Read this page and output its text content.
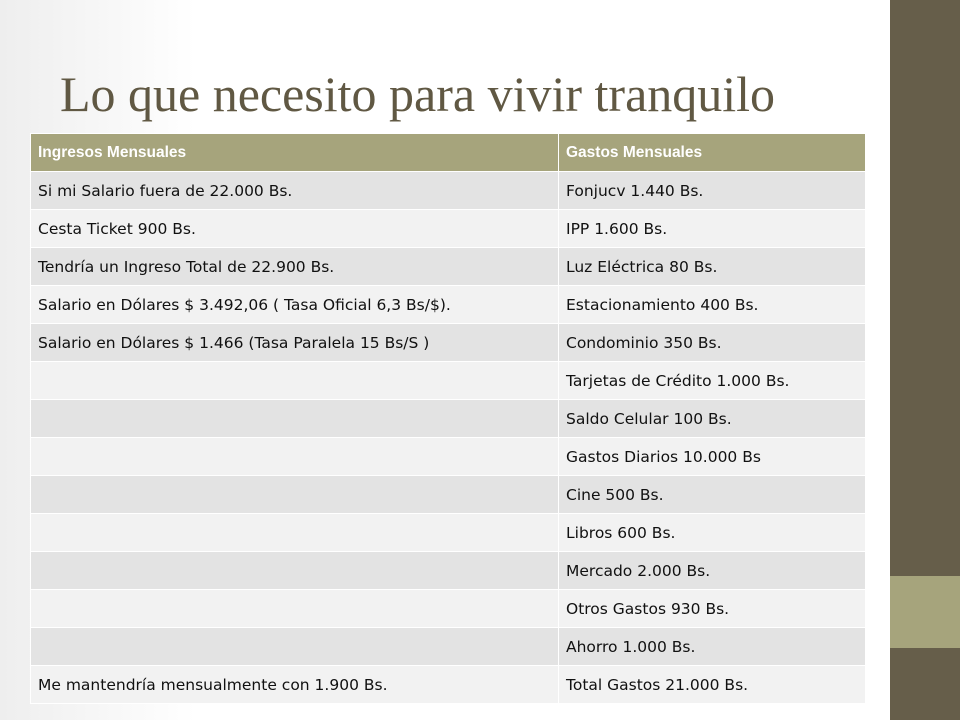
Lo que necesito para vivir tranquilo
Ingresos Mensuales	Gastos Mensuales
Si mi Salario fuera de 22.000 Bs.	Fonjucv 1.440 Bs.
Cesta Ticket 900 Bs.	IPP 1.600 Bs.
Tendría un Ingreso Total de 22.900 Bs.	Luz Eléctrica 80 Bs.
Salario en Dólares $ 3.492,06 ( Tasa Oficial 6,3 Bs/$).	Estacionamiento 400 Bs.
Salario en Dólares $ 1.466 (Tasa Paralela 15 Bs/S )	Condominio 350 Bs.
	Tarjetas de Crédito 1.000 Bs.
	Saldo Celular 100 Bs.
	Gastos Diarios 10.000 Bs
	Cine 500 Bs.
	Libros 600 Bs.
	Mercado 2.000 Bs.
	Otros Gastos 930 Bs.
	Ahorro 1.000 Bs.
Me mantendría mensualmente con 1.900 Bs.	Total Gastos 21.000 Bs.
